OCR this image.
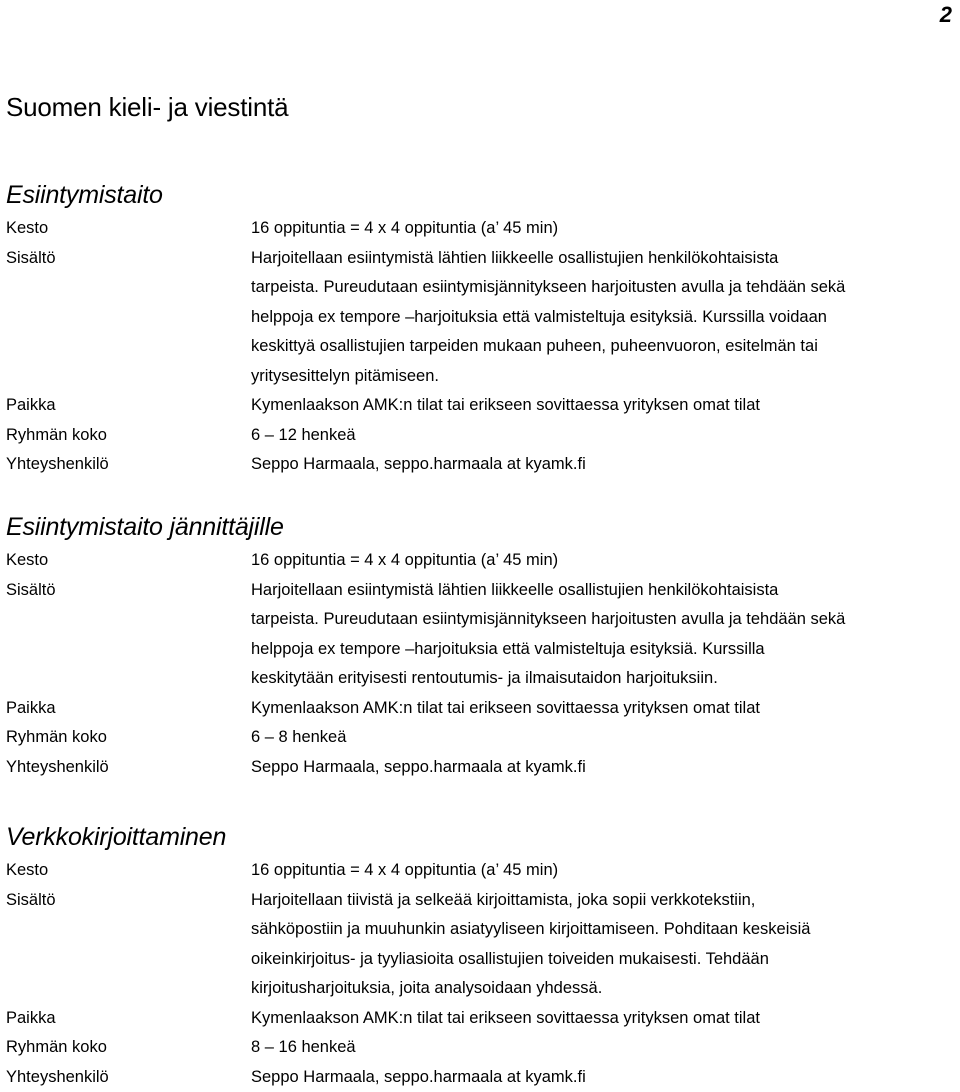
2
Suomen kieli- ja viestintä
Esiintymistaito
Kesto	16 oppituntia = 4 x 4 oppituntia (a’ 45 min)
Sisältö	Harjoitellaan esiintymistä lähtien liikkeelle osallistujien henkilökohtaisista
tarpeista. Pureudutaan esiintymisjännitykseen harjoitusten avulla ja tehdään sekä
helppoja ex tempore –harjoituksia että valmisteltuja esityksiä. Kurssilla voidaan
keskittyä osallistujien tarpeiden mukaan puheen, puheenvuoron, esitelmän tai
yritysesittelyn pitämiseen.
Paikka	Kymenlaakson AMK:n tilat tai erikseen sovittaessa yrityksen omat tilat
Ryhmän koko	6 – 12 henkeä
Yhteyshenkilö	Seppo Harmaala, seppo.harmaala at kyamk.fi
Esiintymistaito jännittäjille
Kesto	16 oppituntia = 4 x 4 oppituntia (a’ 45 min)
Sisältö	Harjoitellaan esiintymistä lähtien liikkeelle osallistujien henkilökohtaisista
tarpeista. Pureudutaan esiintymisjännitykseen harjoitusten avulla ja tehdään sekä
helppoja ex tempore –harjoituksia että valmisteltuja esityksiä. Kurssilla
keskitytään erityisesti rentoutumis- ja ilmaisutaidon harjoituksiin.
Paikka	Kymenlaakson AMK:n tilat tai erikseen sovittaessa yrityksen omat tilat
Ryhmän koko	6 – 8 henkeä
Yhteyshenkilö	Seppo Harmaala, seppo.harmaala at kyamk.fi
Verkkokirjoittaminen
Kesto	16 oppituntia = 4 x 4 oppituntia (a’ 45 min)
Sisältö	Harjoitellaan tiivistä ja selkeää kirjoittamista, joka sopii verkkotekstiin,
sähköpostiin ja muuhunkin asiatyyliseen kirjoittamiseen. Pohditaan keskeisiä
oikeinkirjoitus- ja tyyliasioita osallistujien toiveiden mukaisesti. Tehdään
kirjoitusharjoituksia, joita analysoidaan yhdessä.
Paikka	Kymenlaakson AMK:n tilat tai erikseen sovittaessa yrityksen omat tilat
Ryhmän koko	8 – 16 henkeä
Yhteyshenkilö	Seppo Harmaala, seppo.harmaala at kyamk.fi
